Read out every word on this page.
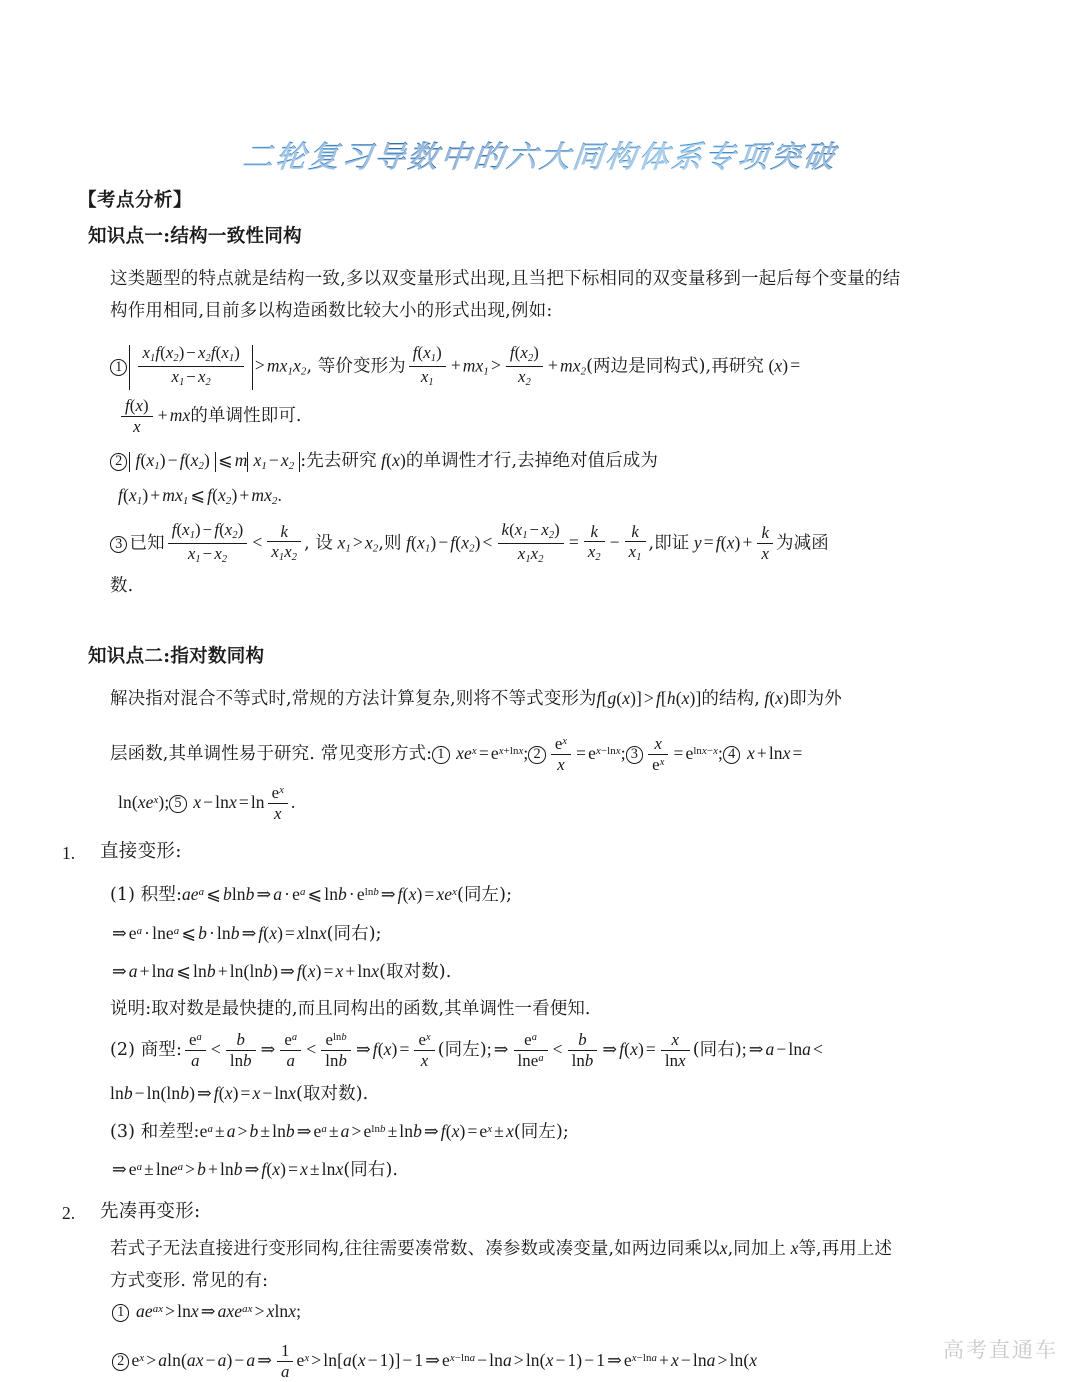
二轮复习导数中的六大同构体系专项突破
【考点分析】
知识点一:结构一致性同构
这类题型的特点就是结构一致,多以双变量形式出现,且当把下标相同的双变量移到一起后每个变量的结
构作用相同,目前多以构造函数比较大小的形式出现,例如:
$1 \frac{x_1f(x_2) - x_2f(x_1)}{x_1 - x_2} > mx_1x_2$, 等价变形为 $\frac{f(x_1)}{x_1} + mx_1 > \frac{f(x_2)}{x_2} + mx_2$(两边是同构式),再研究 (x) =
$\frac{f(x)}{x}$ + mx的单调性即可.
2 $f(x_1) - f(x_2)$ ⩽ m $x_1 - x_2$ :先去研究 f(x)的单调性才行,去掉绝对值后成为
$f(x_1) + mx_1$ ⩽ $f(x_2) + mx_2$.
3 已知 $\frac{f(x_1) - f(x_2)}{x_1 - x_2} < \frac{k}{x_1x_2}$ , 设 $x_1 > x_2$,则 $f(x_1) - f(x_2) < \frac{k(x_1 - x_2)}{x_1x_2} = \frac{k}{x_2} - \frac{k}{x_1}$ ,即证 $y = f(x) + \frac{k}{x}$ 为减函
数.
知识点二:指对数同构
解决指对混合不等式时,常规的方法计算复杂,则将不等式变形为f[g(x)] > f[h(x)]的结构, f(x)即为外
层函数,其单调性易于研究. 常见变形方式: 1 $xe^x = e^{x+lnx}$; $2 \frac{e^x}{x} = e^{x-lnx}$; $3 \frac{x}{e^x} = e^{lnx-x}$; 4 x + lnx =
$\ln(xe^x)$; 5 $x - \ln x = \ln \frac{e^x}{x}$ .
1. 直接变形:
(1) 积型$:ae^a$ ⩽ blnb ⇒ $a \cdot e^a$ ⩽ $\ln b \cdot e^{lnb}$ ⇒ $f(x) = xe^x$(同左);
⇒ $e^a \cdot \ln e^a$ ⩽ b · lnb ⇒ f(x) = xlnx(同右);
⇒ a + lna ⩽ lnb + ln(lnb) ⇒ f(x) = x + lnx(取对数).
说明:取对数是最快捷的,而且同构出的函数,其单调性一看便知.
(2) 商型: $\frac{e^a}{a} < \frac{b}{\ln b}$ ⇒ $\frac{e^a}{a} < \frac{e^{lnb}}{\ln b}$ ⇒ $f(x) = \frac{e^x}{x}$ (同左); ⇒ $\frac{e^a}{\ln e^a} < \frac{b}{\ln b}$ ⇒ $f(x) = \frac{x}{\ln x}$ (同右); ⇒ a − lna <
lnb − ln(lnb) ⇒ f(x) = x − lnx(取对数).
(3) 和差型$:e^a \pm a > b \pm \ln b$ ⇒ $e^a \pm a > e^{lnb} \pm \ln b$ ⇒ $f(x) = e^x \pm x$(同左);
⇒ $e^a \pm \ln e^a > b + \ln b$ ⇒ f(x) = x ± lnx(同右).
2. 先凑再变形:
若式子无法直接进行变形同构,往往需要凑常数、凑参数或凑变量,如两边同乘以x,同加上 x等,再用上述
方式变形. 常见的有:
1 $ae^{ax} > \ln x$ ⇒ axe$^{ax}$ > xlnx;
2 $e^x > aln(ax - a) - a$ ⇒ $\frac{1}{a} e^x > \ln[a(x - 1)] - 1$ ⇒ $e^{x-lna} - \ln a > \ln(x - 1) - 1$ ⇒ $e^{x-lna} + x - \ln a > \ln(x$	高考直通车
